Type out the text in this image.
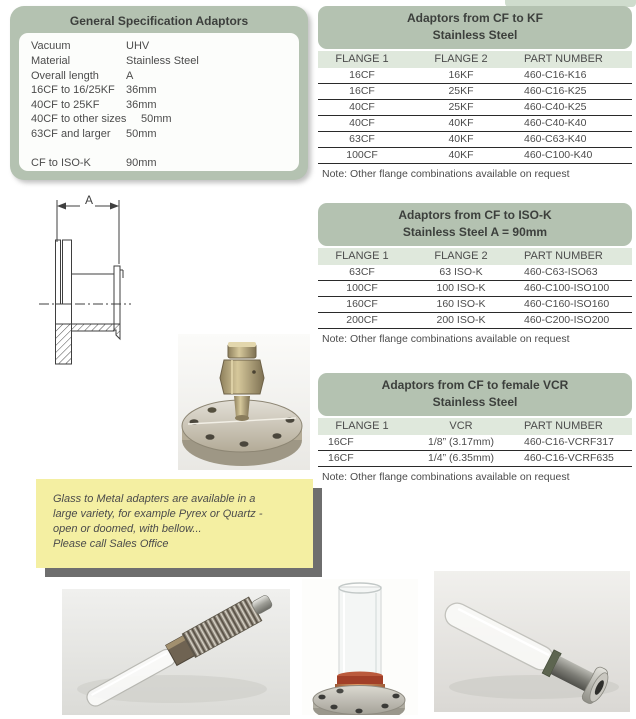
General Specification Adaptors
Vacuum	UHV
Material	Stainless Steel
Overall length	A
16CF to 16/25KF	36mm
40CF to 25KF	36mm
40CF to other sizes	50mm
63CF and larger	50mm
CF to ISO-K	90mm
A
Glass to Metal adapters are available in a
large variety, for example Pyrex or Quartz -
open or doomed, with bellow...
Please call Sales Office
Adaptors from CF to KF
Stainless Steel
FLANGE 1	FLANGE 2	PART NUMBER
16CF	16KF	460-C16-K16
16CF	25KF	460-C16-K25
40CF	25KF	460-C40-K25
40CF	40KF	460-C40-K40
63CF	40KF	460-C63-K40
100CF	40KF	460-C100-K40
Note: Other flange combinations available on request
Adaptors from CF to ISO-K
Stainless Steel A = 90mm
FLANGE 1	FLANGE 2	PART NUMBER
63CF	63 ISO-K	460-C63-ISO63
100CF	100 ISO-K	460-C100-ISO100
160CF	160 ISO-K	460-C160-ISO160
200CF	200 ISO-K	460-C200-ISO200
Note: Other flange combinations available on request
Adaptors from CF to female VCR
Stainless Steel
FLANGE 1	VCR	PART NUMBER
16CF	1/8” (3.17mm)	460-C16-VCRF317
16CF	1/4” (6.35mm)	460-C16-VCRF635
Note: Other flange combinations available on request
